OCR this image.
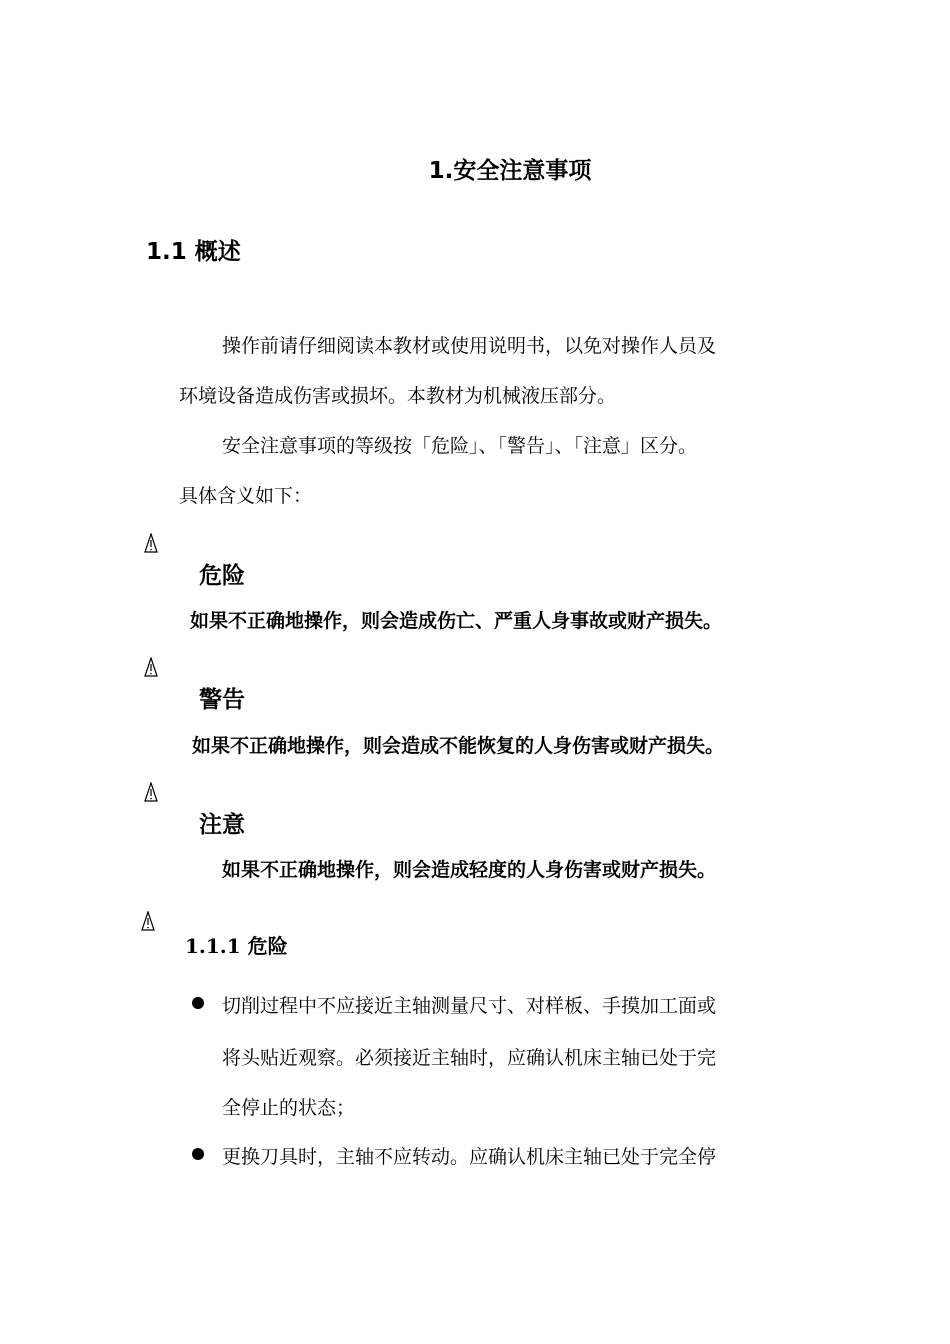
1.安全注意事项
1.1 概述
操作前请仔细阅读本教材或使用说明书，以免对操作人员及
环境设备造成伤害或损坏。本教材为机械液压部分。
安全注意事项的等级按「危险」、「警告」、「注意」区分。
具体含义如下：
危险
如果不正确地操作，则会造成伤亡、严重人身事故或财产损失。
警告
如果不正确地操作，则会造成不能恢复的人身伤害或财产损失。
注意
如果不正确地操作，则会造成轻度的人身伤害或财产损失。
1.1.1 危险
切削过程中不应接近主轴测量尺寸、对样板、手摸加工面或
将头贴近观察。必须接近主轴时，应确认机床主轴已处于完
全停止的状态；
更换刀具时，主轴不应转动。应确认机床主轴已处于完全停
